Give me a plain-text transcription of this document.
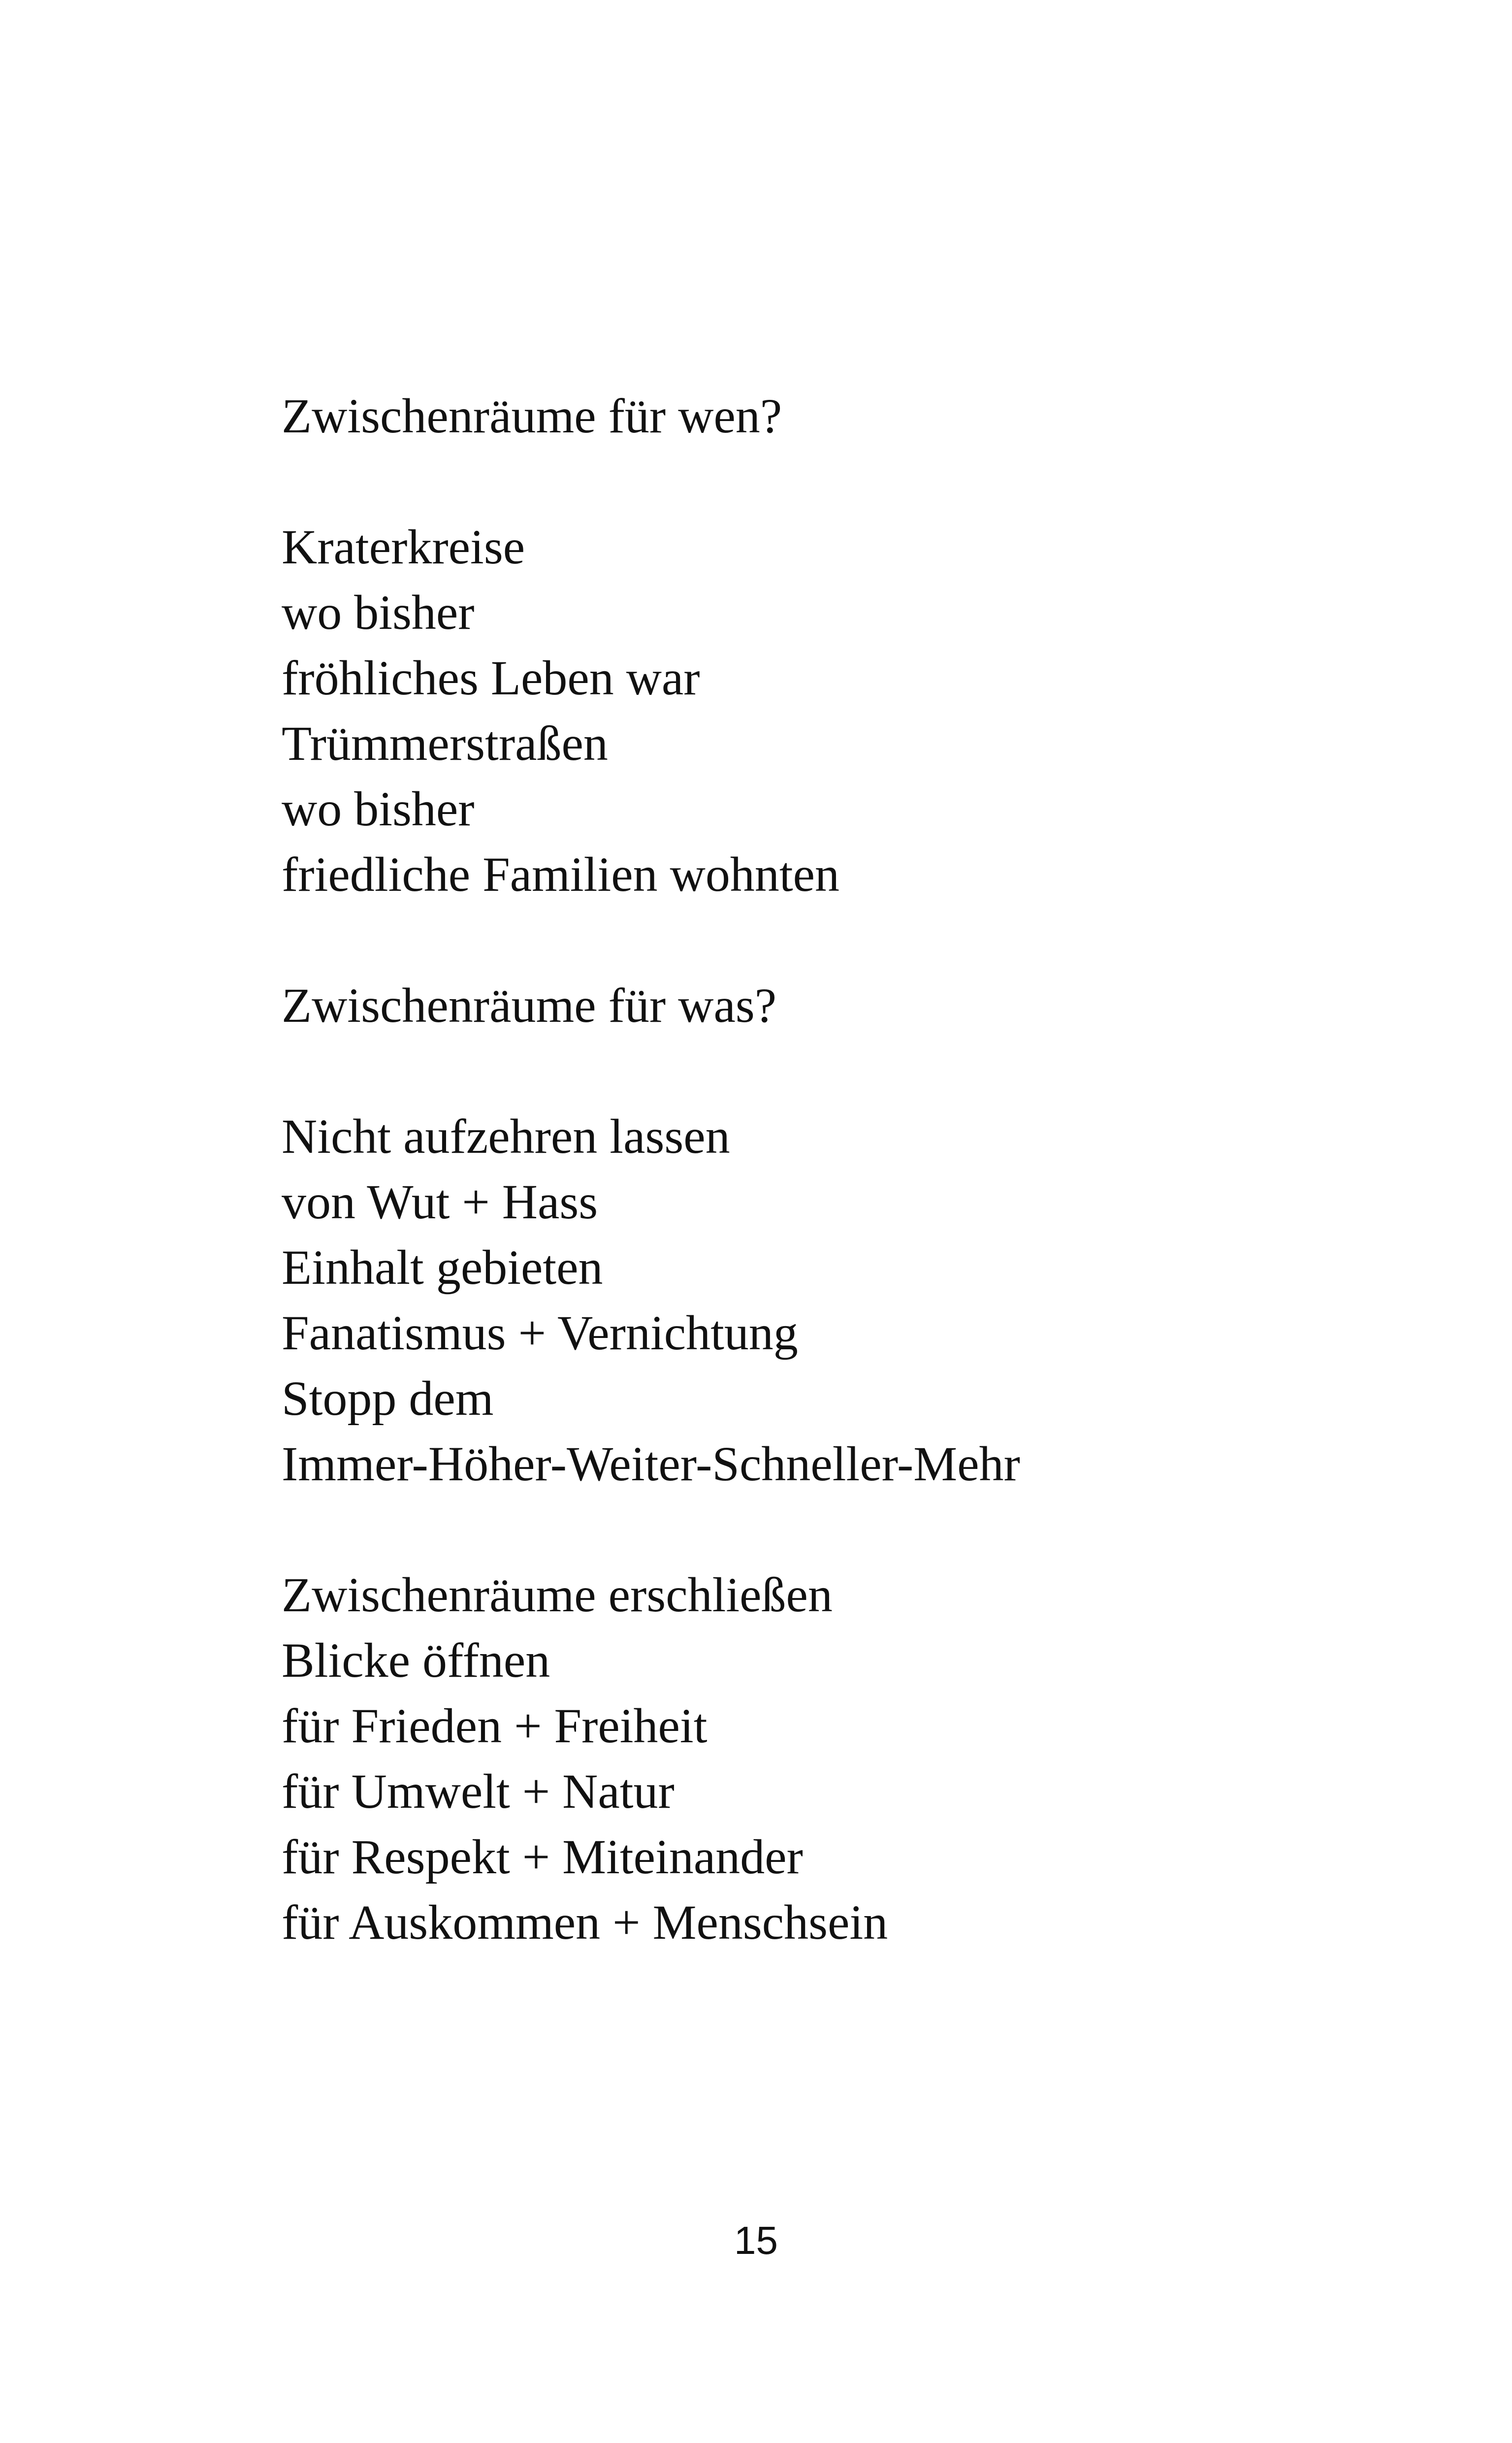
Zwischenräume für wen?

Kraterkreise
wo bisher
fröhliches Leben war
Trümmerstraßen
wo bisher
friedliche Familien wohnten

Zwischenräume für was?

Nicht aufzehren lassen
von Wut + Hass
Einhalt gebieten
Fanatismus + Vernichtung
Stopp dem
Immer-Höher-Weiter-Schneller-Mehr

Zwischenräume erschließen
Blicke öffnen
für Frieden + Freiheit
für Umwelt + Natur
für Respekt + Miteinander
für Auskommen + Menschsein

15
